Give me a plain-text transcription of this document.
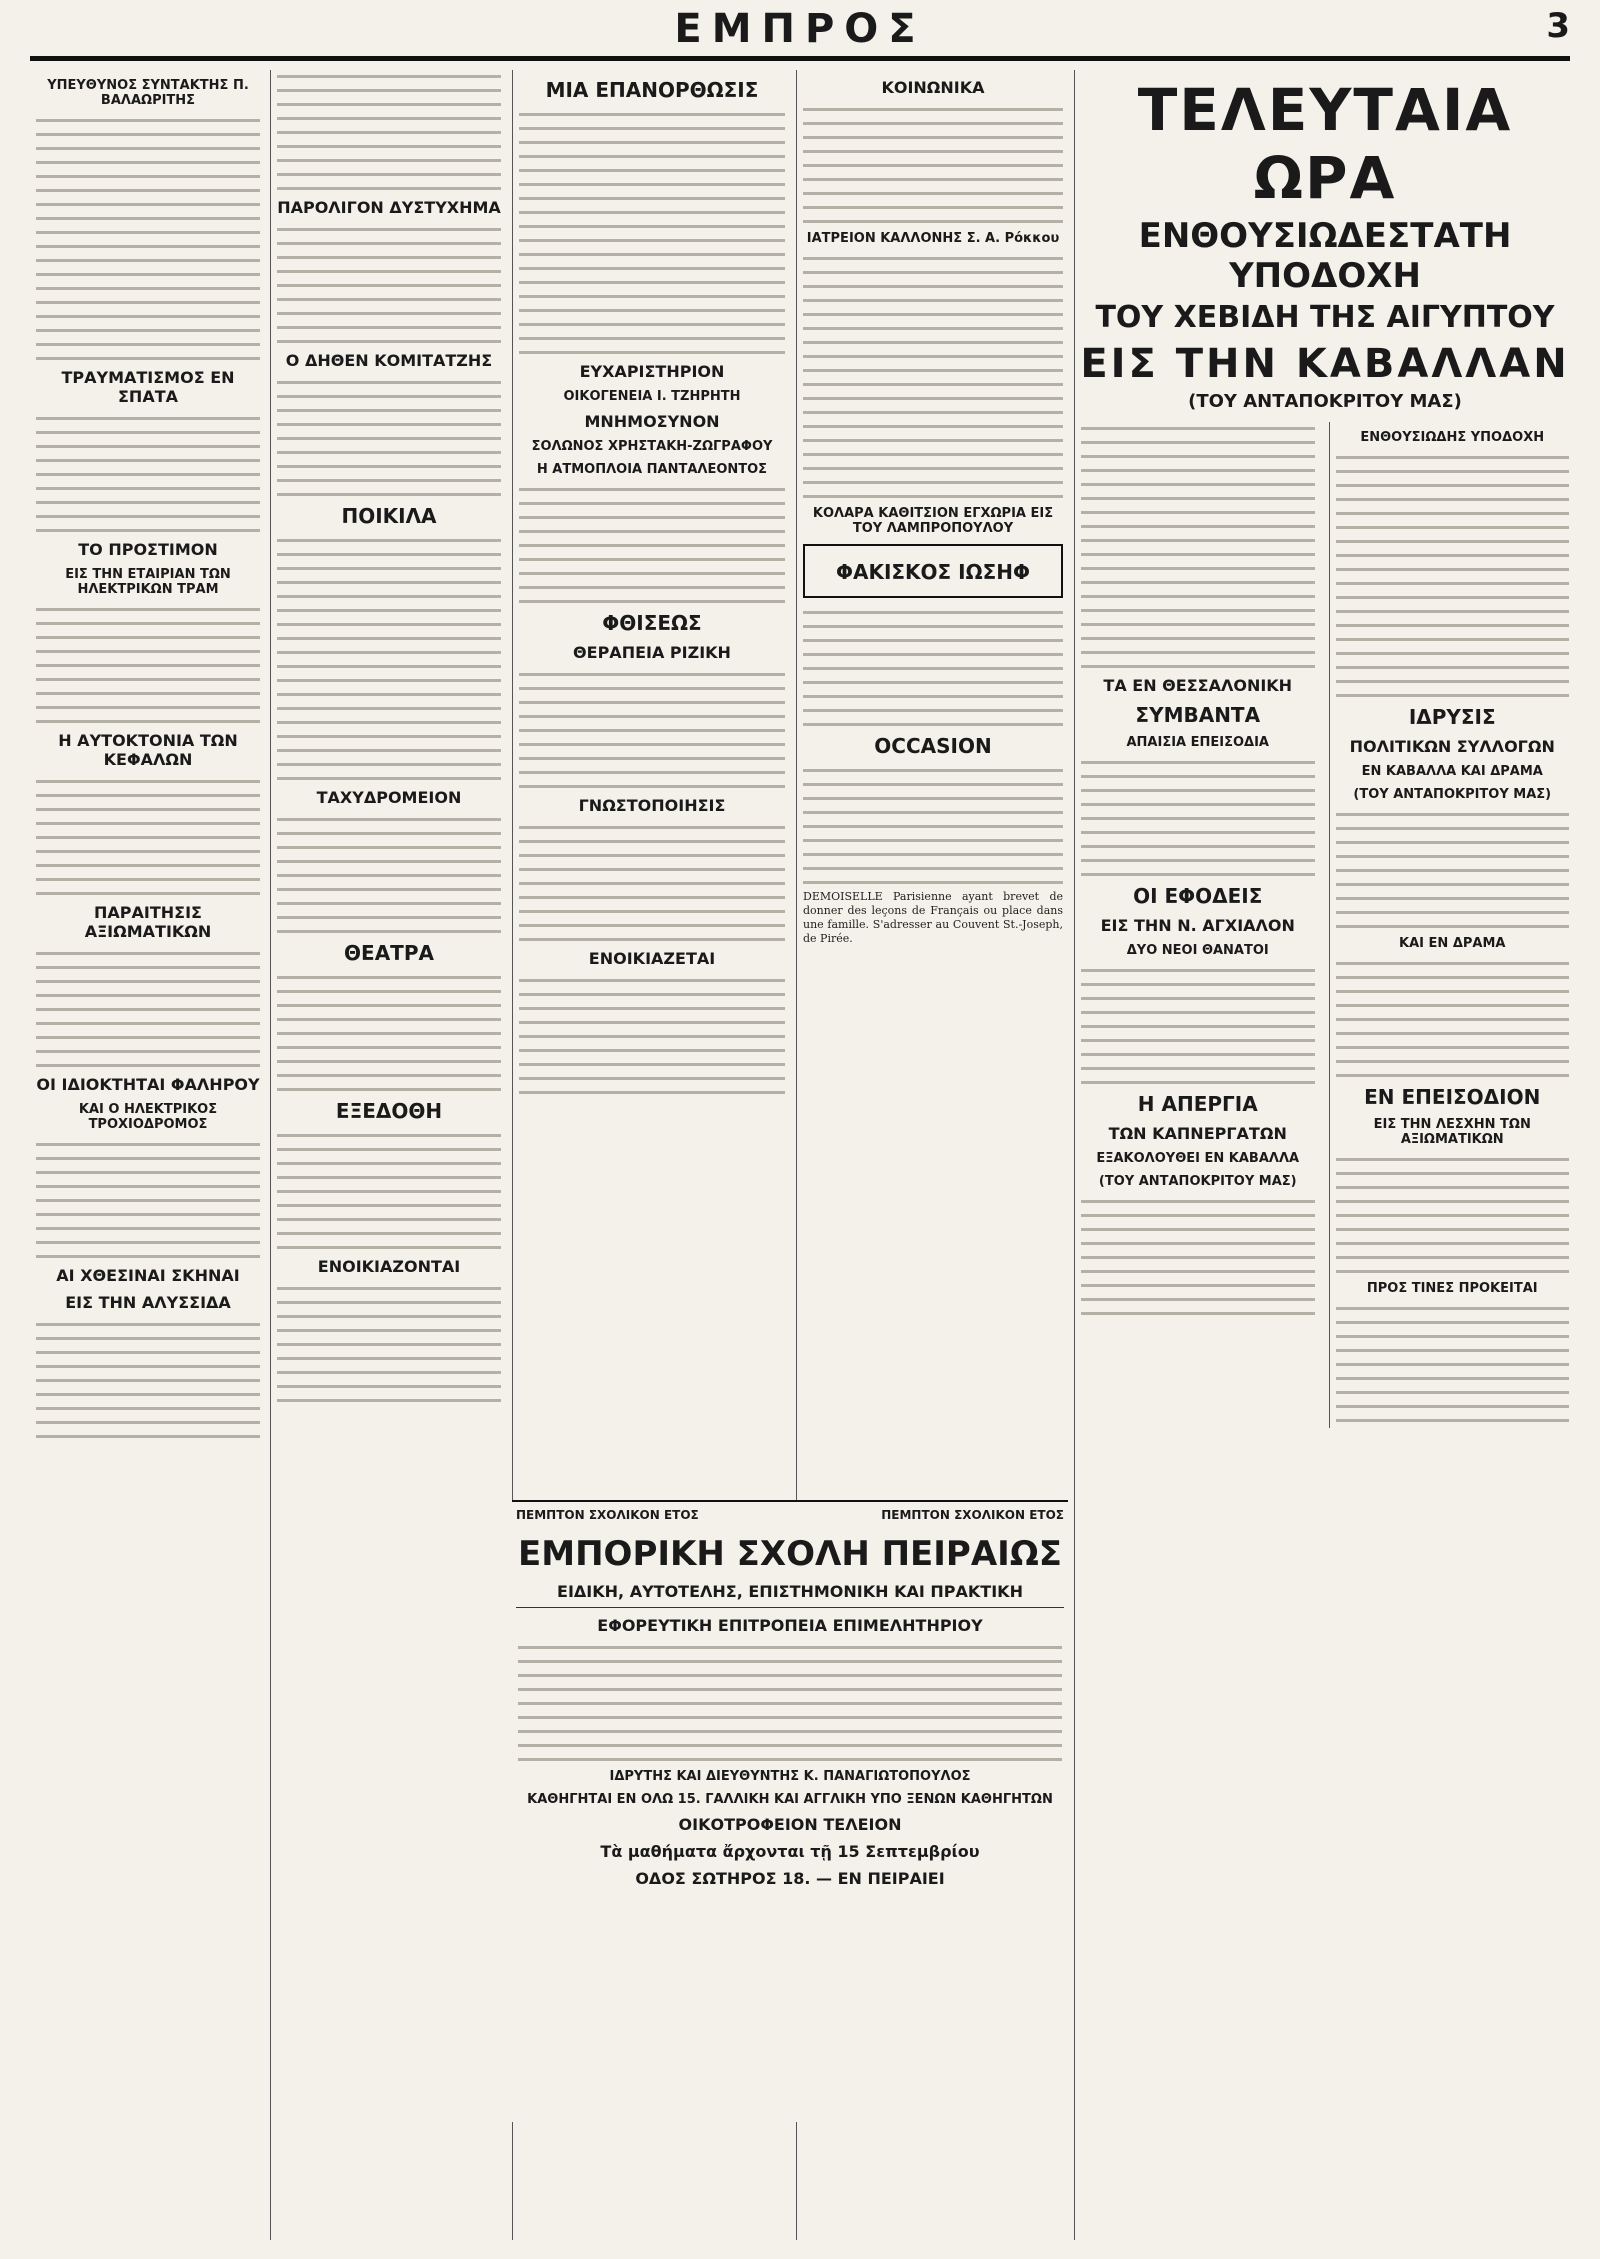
ΕΜΠΡΟΣ	3
ΥΠΕΥΘΥΝΟΣ ΣΥΝΤΑΚΤΗΣ Π. ΒΑΛΑΩΡΙΤΗΣ
ΤΡΑΥΜΑΤΙΣΜΟΣ ΕΝ ΣΠΑΤΑ
ΤΟ ΠΡΟΣΤΙΜΟΝ
ΕΙΣ ΤΗΝ ΕΤΑΙΡΙΑΝ ΤΩΝ ΗΛΕΚΤΡΙΚΩΝ ΤΡΑΜ
Η ΑΥΤΟΚΤΟΝΙΑ ΤΩΝ ΚΕΦΑΛΩΝ
ΠΑΡΑΙΤΗΣΙΣ ΑΞΙΩΜΑΤΙΚΩΝ
ΟΙ ΙΔΙΟΚΤΗΤΑΙ ΦΑΛΗΡΟΥ
ΚΑΙ Ο ΗΛΕΚΤΡΙΚΟΣ ΤΡΟΧΙΟΔΡΟΜΟΣ
ΑΙ ΧΘΕΣΙΝΑΙ ΣΚΗΝΑΙ
ΕΙΣ ΤΗΝ ΑΛΥΣΣΙΔΑ
ΠΑΡΟΛΙΓΟΝ ΔΥΣΤΥΧΗΜΑ
Ο ΔΗΘΕΝ ΚΟΜΙΤΑΤΖΗΣ
ΠΟΙΚΙΛΑ
ΤΑΧΥΔΡΟΜΕΙΟΝ
ΘΕΑΤΡΑ
ΕΞΕΔΟΘΗ
ΕΝΟΙΚΙΑΖΟΝΤΑΙ
ΜΙΑ ΕΠΑΝΟΡΘΩΣΙΣ
ΕΥΧΑΡΙΣΤΗΡΙΟΝ
ΟΙΚΟΓΕΝΕΙΑ Ι. ΤΖΗΡΗΤΗ
ΜΝΗΜΟΣΥΝΟΝ
ΣΟΛΩΝΟΣ ΧΡΗΣΤΑΚΗ-ΖΩΓΡΑΦΟΥ
Η ΑΤΜΟΠΛΟΙΑ ΠΑΝΤΑΛΕΟΝΤΟΣ
ΦΘΙΣΕΩΣ
ΘΕΡΑΠΕΙΑ ΡΙΖΙΚΗ
ΓΝΩΣΤΟΠΟΙΗΣΙΣ
ΕΝΟΙΚΙΑΖΕΤΑΙ
ΚΟΙΝΩΝΙΚΑ
ΙΑΤΡΕΙΟΝ ΚΑΛΛΟΝΗΣ Σ. Α. Ρόκκου
ΚΟΛΑΡΑ ΚΑΘΙΤΣΙΟΝ ΕΓΧΩΡΙΑ ΕΙΣ ΤΟΥ ΛΑΜΠΡΟΠΟΥΛΟΥ
ΦΑΚΙΣΚΟΣ ΙΩΣΗΦ
OCCASION
DEMOISELLE Parisienne ayant brevet de donner des leçons de Français ou place dans une famille. S'adresser au Couvent St.-Joseph, de Pirée.
ΤΕΛΕΥΤΑΙΑ ΩΡΑ
ΕΝΘΟΥΣΙΩΔΕΣΤΑΤΗ ΥΠΟΔΟΧΗ
ΤΟΥ ΧΕΒΙΔΗ ΤΗΣ ΑΙΓΥΠΤΟΥ
ΕΙΣ ΤΗΝ ΚΑΒΑΛΛΑΝ
(ΤΟΥ ΑΝΤΑΠΟΚΡΙΤΟΥ ΜΑΣ)
ΤΑ ΕΝ ΘΕΣΣΑΛΟΝΙΚΗ
ΣΥΜΒΑΝΤΑ
ΑΠΑΙΣΙΑ ΕΠΕΙΣΟΔΙΑ
ΟΙ ΕΦΟΔΕΙΣ
ΕΙΣ ΤΗΝ Ν. ΑΓΧΙΑΛΟΝ
ΔΥΟ ΝΕΟΙ ΘΑΝΑΤΟΙ
Η ΑΠΕΡΓΙΑ
ΤΩΝ ΚΑΠΝΕΡΓΑΤΩΝ
ΕΞΑΚΟΛΟΥΘΕΙ ΕΝ ΚΑΒΑΛΛΑ
(ΤΟΥ ΑΝΤΑΠΟΚΡΙΤΟΥ ΜΑΣ)
ΕΝΘΟΥΣΙΩΔΗΣ ΥΠΟΔΟΧΗ
ΙΔΡΥΣΙΣ
ΠΟΛΙΤΙΚΩΝ ΣΥΛΛΟΓΩΝ
ΕΝ ΚΑΒΑΛΛΑ ΚΑΙ ΔΡΑΜΑ
(ΤΟΥ ΑΝΤΑΠΟΚΡΙΤΟΥ ΜΑΣ)
ΚΑΙ ΕΝ ΔΡΑΜΑ
ΕΝ ΕΠΕΙΣΟΔΙΟΝ
ΕΙΣ ΤΗΝ ΛΕΣΧΗΝ ΤΩΝ ΑΞΙΩΜΑΤΙΚΩΝ
ΠΡΟΣ ΤΙΝΕΣ ΠΡΟΚΕΙΤΑΙ
ΠΕΜΠΤΟΝ ΣΧΟΛΙΚΟΝ ΕΤΟΣ	ΠΕΜΠΤΟΝ ΣΧΟΛΙΚΟΝ ΕΤΟΣ
ΕΜΠΟΡΙΚΗ ΣΧΟΛΗ ΠΕΙΡΑΙΩΣ
ΕΙΔΙΚΗ, ΑΥΤΟΤΕΛΗΣ, ΕΠΙΣΤΗΜΟΝΙΚΗ ΚΑΙ ΠΡΑΚΤΙΚΗ
ΕΦΟΡΕΥΤΙΚΗ ΕΠΙΤΡΟΠΕΙΑ ΕΠΙΜΕΛΗΤΗΡΙΟΥ
ΙΔΡΥΤΗΣ ΚΑΙ ΔΙΕΥΘΥΝΤΗΣ Κ. ΠΑΝΑΓΙΩΤΟΠΟΥΛΟΣ
ΚΑΘΗΓΗΤΑΙ ΕΝ ΟΛΩ 15. ΓΑΛΛΙΚΗ ΚΑΙ ΑΓΓΛΙΚΗ ΥΠΟ ΞΕΝΩΝ ΚΑΘΗΓΗΤΩΝ
ΟΙΚΟΤΡΟΦΕΙΟΝ ΤΕΛΕΙΟΝ
Τὰ μαθήματα ἄρχονται τῇ 15 Σεπτεμβρίου
ΟΔΟΣ ΣΩΤΗΡΟΣ 18. — ΕΝ ΠΕΙΡΑΙΕΙ
